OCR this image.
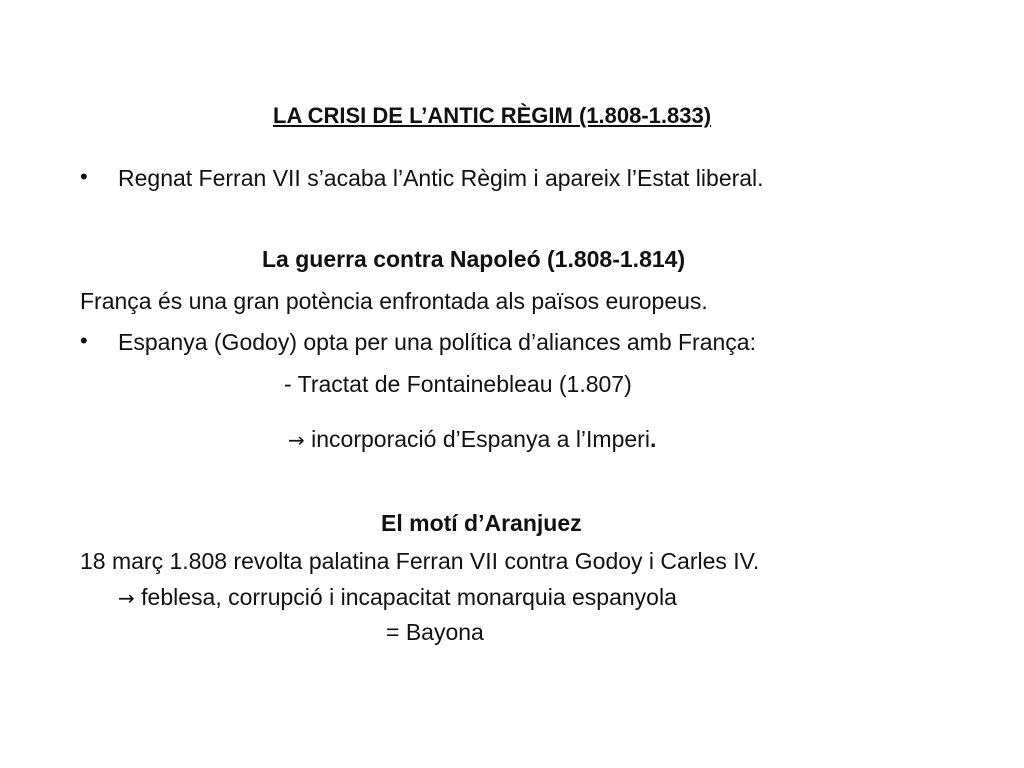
LA CRISI DE L’ANTIC RÈGIM (1.808-1.833)
• Regnat Ferran VII s’acaba l’Antic Règim i apareix l’Estat liberal.
La guerra contra Napoleó (1.808-1.814)
França és una gran potència enfrontada als països europeus.
• Espanya (Godoy) opta per una política d’aliances amb França:
- Tractat de Fontainebleau (1.807)
→ incorporació d’Espanya a l’Imperi.
El motí d’Aranjuez
18 març 1.808 revolta palatina Ferran VII contra Godoy i Carles IV.
→ feblesa, corrupció i incapacitat monarquia espanyola
= Bayona
